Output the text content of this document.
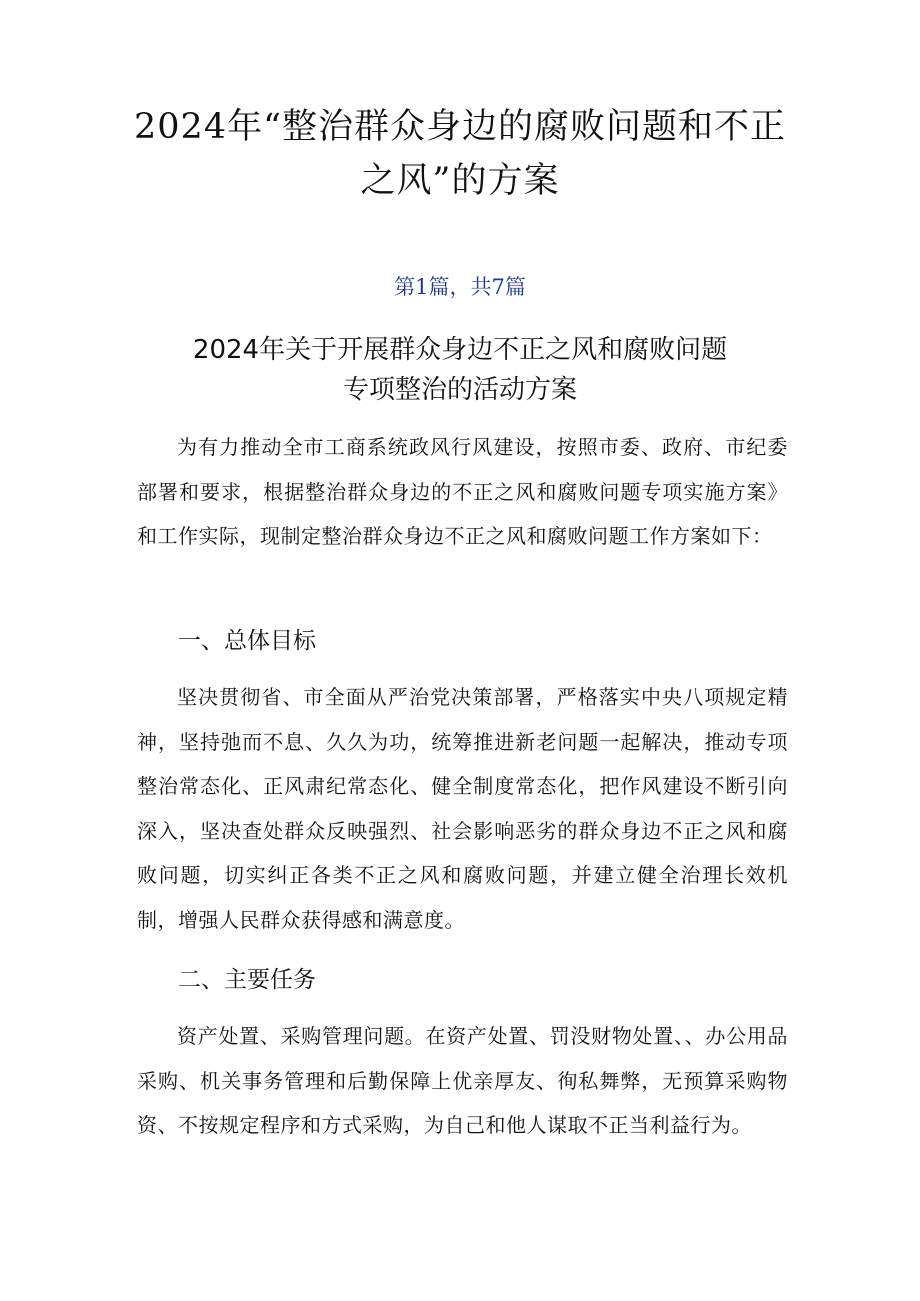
2024年“整治群众身边的腐败问题和不正
之风”的方案
第1篇，共7篇
2024年关于开展群众身边不正之风和腐败问题
专项整治的活动方案

为有力推动全市工商系统政风行风建设，按照市委、政府、市纪委部署和要求，根据整治群众身边的不正之风和腐败问题专项实施方案》和工作实际，现制定整治群众身边不正之风和腐败问题工作方案如下：

一、总体目标

坚决贯彻省、市全面从严治党决策部署，严格落实中央八项规定精神，坚持弛而不息、久久为功，统筹推进新老问题一起解决，推动专项整治常态化、正风肃纪常态化、健全制度常态化，把作风建设不断引向深入，坚决查处群众反映强烈、社会影响恶劣的群众身边不正之风和腐败问题，切实纠正各类不正之风和腐败问题，并建立健全治理长效机制，增强人民群众获得感和满意度。

二、主要任务

资产处置、采购管理问题。在资产处置、罚没财物处置、、办公用品采购、机关事务管理和后勤保障上优亲厚友、徇私舞弊，无预算采购物资、不按规定程序和方式采购，为自己和他人谋取不正当利益行为。
